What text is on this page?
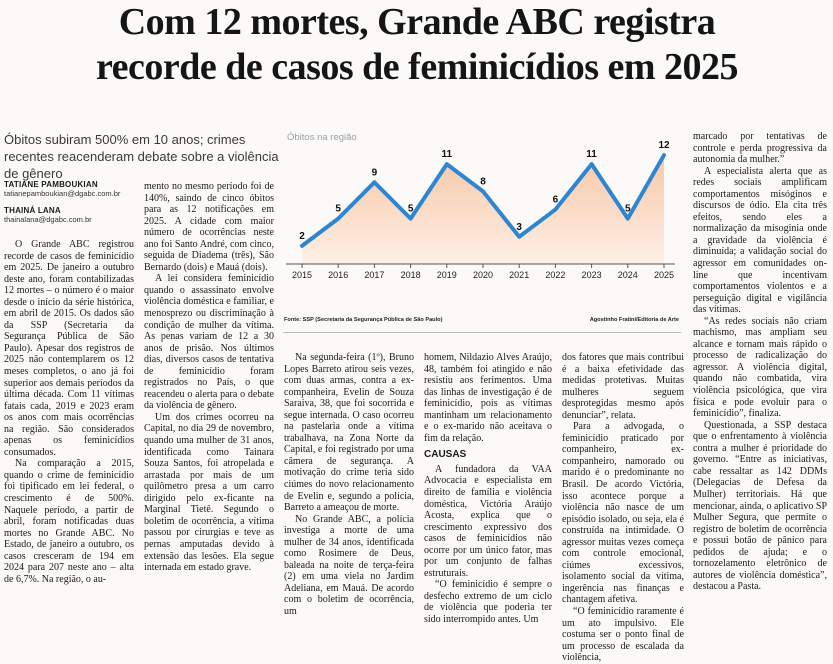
Com 12 mortes, Grande ABC registra
recorde de casos de feminicídios em 2025

Óbitos subiram 500% em 10 anos; crimes recentes reacenderam debate sobre a violência de gênero

TATIANE PAMBOUKIAN
tatianepamboukian@dgabc.com.br
THAINÁ LANA
thainalana@dgabc.com.br
Óbitos na região
2015
2
2016
5
2017
9
2018
5
2019
11
2020
8
2021
3
2022
6
2023
11
2024
5
2025
12
Fonte: SSP (Secretaria da Segurança Pública de São Paulo)	Agostinho Fratini/Editoria de Arte

O Grande ABC registrou recorde de casos de feminicídio em 2025. De janeiro a outubro deste ano, foram contabilizadas 12 mortes – o número é o maior desde o início da série histórica, em abril de 2015. Os dados são da SSP (Secretaria da Segurança Pública de São Paulo). Apesar dos registros de 2025 não contemplarem os 12 meses completos, o ano já foi superior aos demais períodos da última década. Com 11 vítimas fatais cada, 2019 e 2023 eram os anos com mais ocorrências na região. São considerados apenas os feminicídios consumados.

Na comparação a 2015, quando o crime de feminicídio foi tipificado em lei federal, o crescimento é de 500%. Naquele período, a partir de abril, foram notificadas duas mortes no Grande ABC. No Estado, de janeiro a outubro, os casos cresceram de 194 em 2024 para 207 neste ano – alta de 6,7%. Na região, o au-

mento no mesmo período foi de 140%, saindo de cinco óbitos para as 12 notificações em 2025. A cidade com maior número de ocorrências neste ano foi Santo André, com cinco, seguida de Diadema (três), São Bernardo (dois) e Mauá (dois).

A lei considera feminicídio quando o assassinato envolve violência doméstica e familiar, e menosprezo ou discriminação à condição de mulher da vítima. As penas variam de 12 a 30 anos de prisão. Nos últimos dias, diversos casos de tentativa de feminicídio foram registrados no País, o que reacendeu o alerta para o debate da violência de gênero.

Um dos crimes ocorreu na Capital, no dia 29 de novembro, quando uma mulher de 31 anos, identificada como Tainara Souza Santos, foi atropelada e arrastada por mais de um quilômetro presa a um carro dirigido pelo ex-ficante na Marginal Tietê. Segundo o boletim de ocorrência, a vítima passou por cirurgias e teve as pernas amputadas devido à extensão das lesões. Ela segue internada em estado grave.

Na segunda-feira (1º), Bruno Lopes Barreto atirou seis vezes, com duas armas, contra a ex-companheira, Evelin de Souza Saraiva, 38, que foi socorrida e segue internada. O caso ocorreu na pastelaria onde a vítima trabalhava, na Zona Norte da Capital, e foi registrado por uma câmera de segurança. A motivação do crime teria sido ciúmes do novo relacionamento de Evelin e, segundo a polícia, Barreto a ameaçou de morte.

No Grande ABC, a polícia investiga a morte de uma mulher de 34 anos, identificada como Rosimere de Deus, baleada na noite de terça-feira (2) em uma viela no Jardim Adeliana, em Mauá. De acordo com o boletim de ocorrência, um

homem, Nildazio Alves Araújo, 48, também foi atingido e não resistiu aos ferimentos. Uma das linhas de investigação é de feminicídio, pois as vítimas mantinham um relacionamento e o ex-marido não aceitava o fim da relação.

CAUSAS

A fundadora da VAA Advocacia e especialista em direito de família e violência doméstica, Victória Araújo Acosta, explica que o crescimento expressivo dos casos de feminicídios não ocorre por um único fator, mas por um conjunto de falhas estruturais.

“O feminicídio é sempre o desfecho extremo de um ciclo de violência que poderia ter sido interrompido antes. Um

dos fatores que mais contribui é a baixa efetividade das medidas protetivas. Muitas mulheres seguem desprotegidas mesmo após denunciar”, relata.

Para a advogada, o feminicídio praticado por companheiro, ex-companheiro, namorado ou marido é o predominante no Brasil. De acordo Victória, isso acontece porque a violência não nasce de um episódio isolado, ou seja, ela é construída na intimidade. O agressor muitas vezes começa com controle emocional, ciúmes excessivos, isolamento social da vítima, ingerência nas finanças e chantagem afetiva.

“O feminicídio raramente é um ato impulsivo. Ele costuma ser o ponto final de um processo de escalada da violência,

marcado por tentativas de controle e perda progressiva da autonomia da mulher.”

A especialista alerta que as redes sociais amplificam comportamentos misóginos e discursos de ódio. Ela cita três efeitos, sendo eles a normalização da misoginia onde a gravidade da violência é diminuída; a validação social do agressor em comunidades on-line que incentivam comportamentos violentos e a perseguição digital e vigilância das vítimas.

“As redes sociais não criam machismo, mas ampliam seu alcance e tornam mais rápido o processo de radicalização do agressor. A violência digital, quando não combatida, vira violência psicológica, que vira física e pode evoluir para o feminicídio”, finaliza.

Questionada, a SSP destaca que o enfrentamento à violência contra a mulher é prioridade do governo. “Entre as iniciativas, cabe ressaltar as 142 DDMs (Delegacias de Defesa da Mulher) territoriais. Há que mencionar, ainda, o aplicativo SP Mulher Segura, que permite o registro de boletim de ocorrência e possui botão de pânico para pedidos de ajuda; e o tornozelamento eletrônico de autores de violência doméstica”, destacou a Pasta.
